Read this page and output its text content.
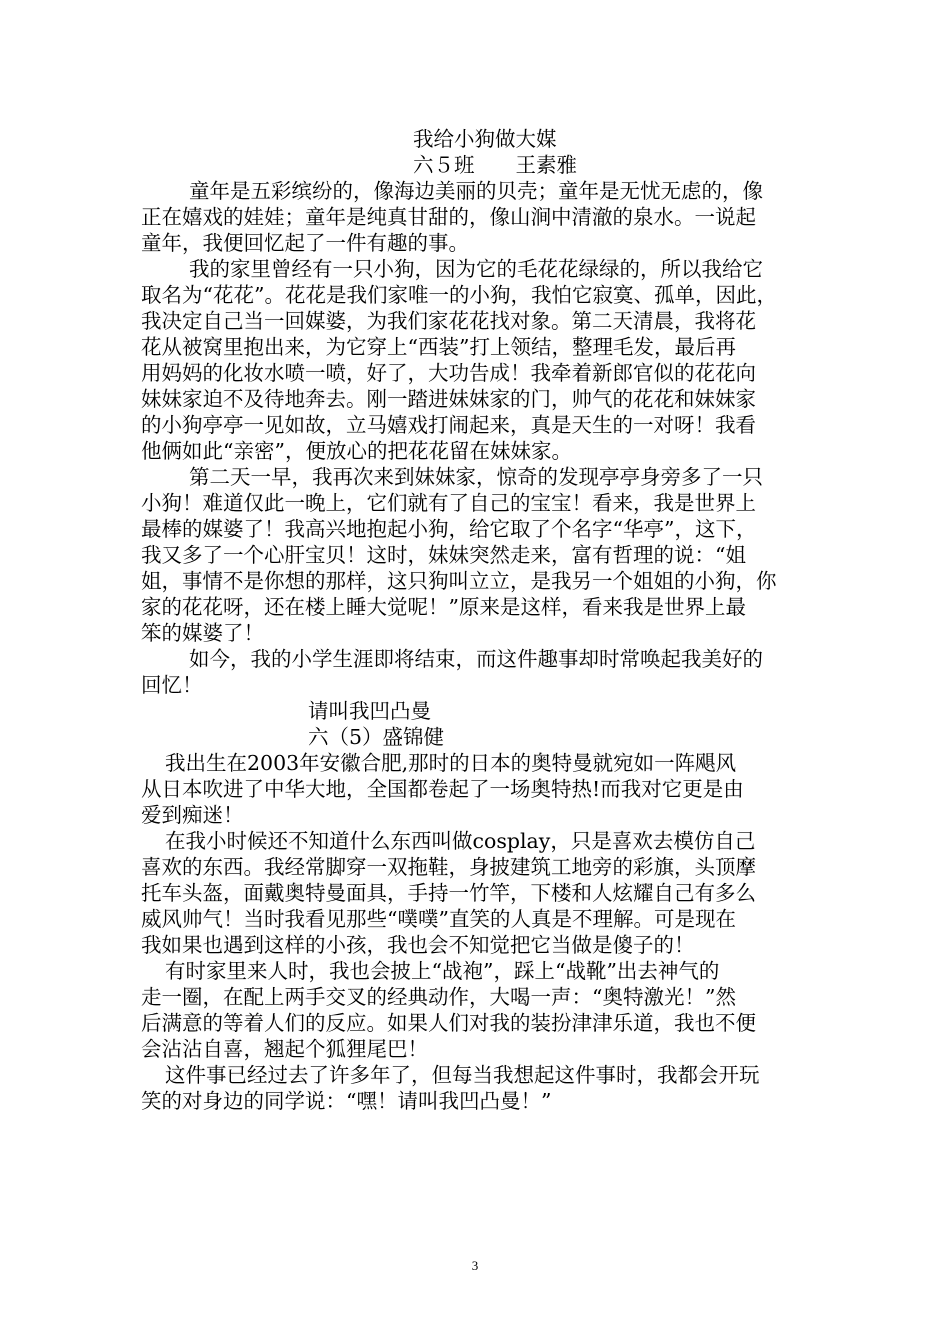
我给小狗做大媒
六５班　　王素雅
童年是五彩缤纷的，像海边美丽的贝壳；童年是无忧无虑的，像
正在嬉戏的娃娃；童年是纯真甘甜的，像山涧中清澈的泉水。一说起
童年，我便回忆起了一件有趣的事。
我的家里曾经有一只小狗，因为它的毛花花绿绿的，所以我给它
取名为“花花”。花花是我们家唯一的小狗，我怕它寂寞、孤单，因此，
我决定自己当一回媒婆，为我们家花花找对象。第二天清晨，我将花
花从被窝里抱出来，为它穿上“西装”打上领结，整理毛发，最后再
用妈妈的化妆水喷一喷，好了，大功告成！我牵着新郎官似的花花向
妹妹家迫不及待地奔去。刚一踏进妹妹家的门，帅气的花花和妹妹家
的小狗亭亭一见如故，立马嬉戏打闹起来，真是天生的一对呀！我看
他俩如此“亲密”，便放心的把花花留在妹妹家。
第二天一早，我再次来到妹妹家，惊奇的发现亭亭身旁多了一只
小狗！难道仅此一晚上，它们就有了自己的宝宝！看来，我是世界上
最棒的媒婆了！我高兴地抱起小狗，给它取了个名字“华亭”，这下，
我又多了一个心肝宝贝！这时，妹妹突然走来，富有哲理的说：“姐
姐，事情不是你想的那样，这只狗叫立立，是我另一个姐姐的小狗，你
家的花花呀，还在楼上睡大觉呢！”原来是这样，看来我是世界上最
笨的媒婆了！
如今，我的小学生涯即将结束，而这件趣事却时常唤起我美好的
回忆！
请叫我凹凸曼
六（5）盛锦健
我出生在2003年安徽合肥,那时的日本的奥特曼就宛如一阵飓风
从日本吹进了中华大地，全国都卷起了一场奥特热!而我对它更是由
爱到痴迷！
在我小时候还不知道什么东西叫做cosplay，只是喜欢去模仿自己
喜欢的东西。我经常脚穿一双拖鞋，身披建筑工地旁的彩旗，头顶摩
托车头盔，面戴奥特曼面具，手持一竹竿，下楼和人炫耀自己有多么
威风帅气！当时我看见那些“噗噗”直笑的人真是不理解。可是现在
我如果也遇到这样的小孩，我也会不知觉把它当做是傻子的！
有时家里来人时，我也会披上“战袍”，踩上“战靴”出去神气的
走一圈，在配上两手交叉的经典动作，大喝一声：“奥特激光！”然
后满意的等着人们的反应。如果人们对我的装扮津津乐道，我也不便
会沾沾自喜，翘起个狐狸尾巴！
这件事已经过去了许多年了，但每当我想起这件事时，我都会开玩
笑的对身边的同学说：“嘿！请叫我凹凸曼！”
3
